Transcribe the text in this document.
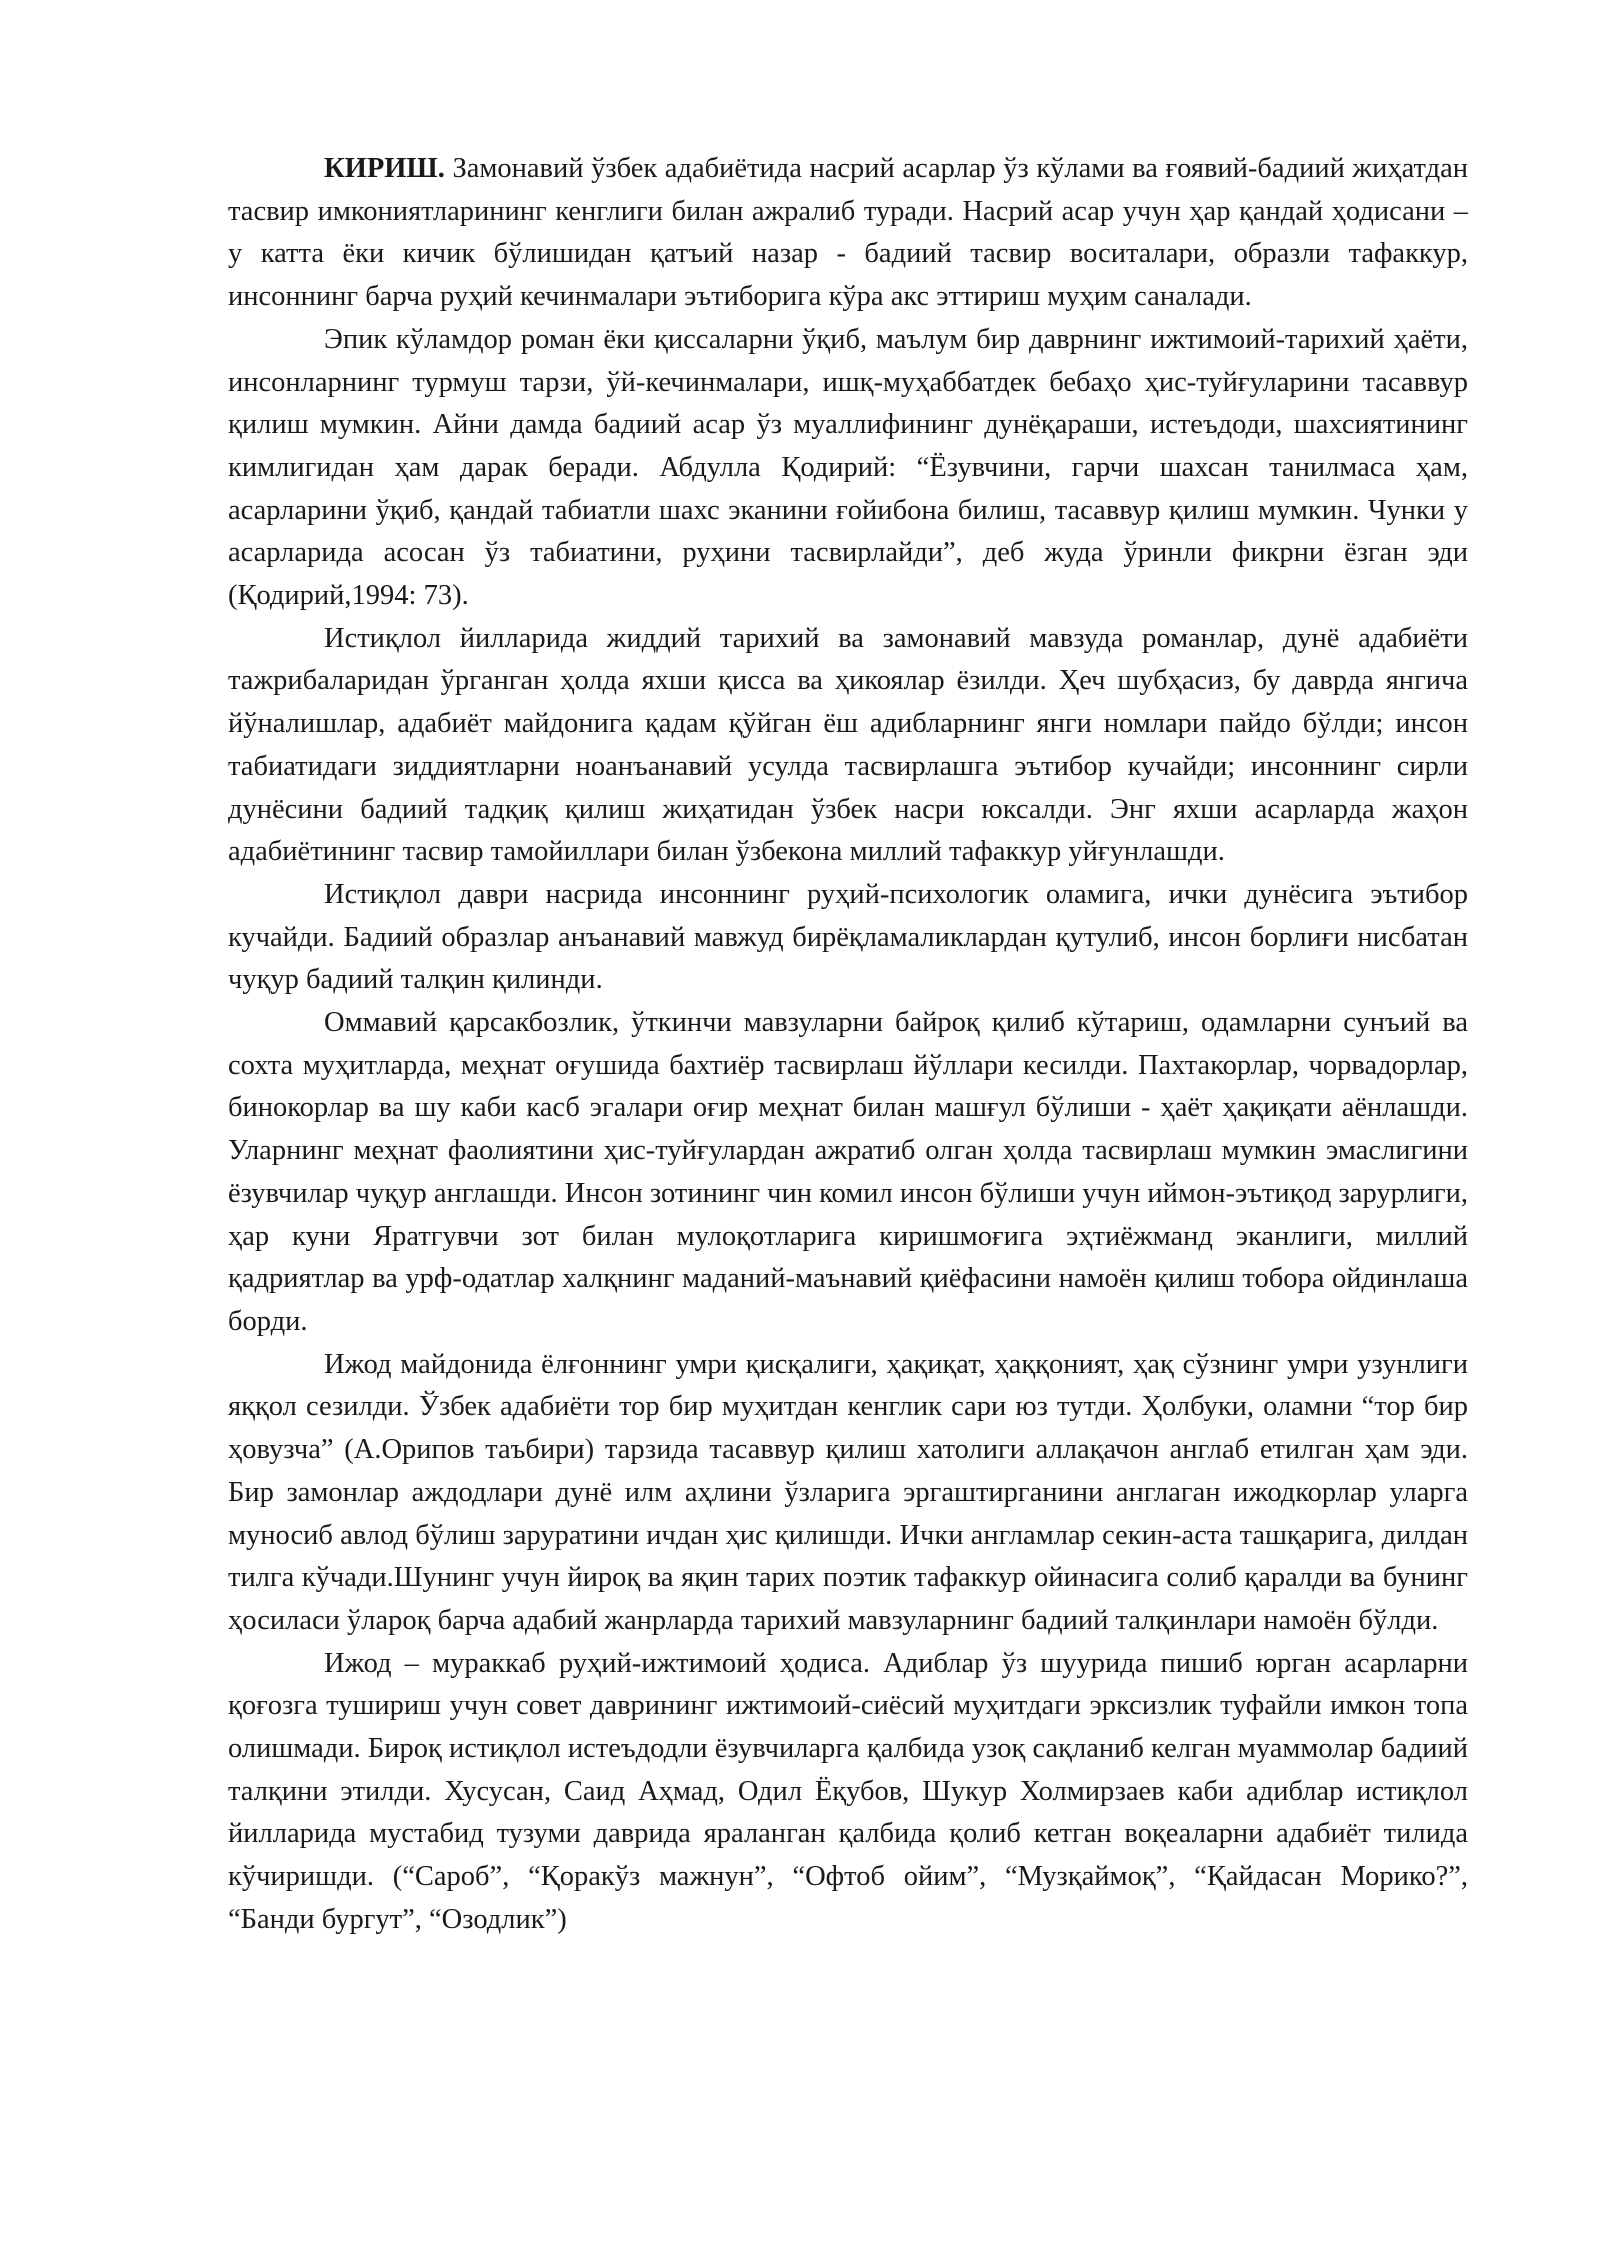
КИРИШ. Замонавий ўзбек адабиётида насрий асарлар ўз кўлами ва ғоявий-бадиий жиҳатдан тасвир имкониятларининг кенглиги билан ажралиб туради. Насрий асар учун ҳар қандай ҳодисани – у катта ёки кичик бўлишидан қатъий назар - бадиий тасвир воситалари, образли тафаккур, инсоннинг барча руҳий кечинмалари эътиборига кўра акс эттириш муҳим саналади.

Эпик кўламдор роман ёки қиссаларни ўқиб, маълум бир даврнинг ижтимоий-тарихий ҳаёти, инсонларнинг турмуш тарзи, ўй-кечинмалари, ишқ-муҳаббатдек бебаҳо ҳис-туйғуларини тасаввур қилиш мумкин. Айни дамда бадиий асар ўз муаллифининг дунёқараши, истеъдоди, шахсиятининг кимлигидан ҳам дарак беради. Абдулла Қодирий: “Ёзувчини, гарчи шахсан танилмаса ҳам, асарларини ўқиб, қандай табиатли шахс эканини ғойибона билиш, тасаввур қилиш мумкин. Чунки у асарларида асосан ўз табиатини, руҳини тасвирлайди”, деб жуда ўринли фикрни ёзган эди (Қодирий,1994: 73).

Истиқлол йилларида жиддий тарихий ва замонавий мавзуда романлар, дунё адабиёти тажрибаларидан ўрганган ҳолда яхши қисса ва ҳикоялар ёзилди. Ҳеч шубҳасиз, бу даврда янгича йўналишлар, адабиёт майдонига қадам қўйган ёш адибларнинг янги номлари пайдо бўлди; инсон табиатидаги зиддиятларни ноанъанавий усулда тасвирлашга эътибор кучайди; инсоннинг сирли дунёсини бадиий тадқиқ қилиш жиҳатидан ўзбек насри юксалди. Энг яхши асарларда жаҳон адабиётининг тасвир тамойиллари билан ўзбекона миллий тафаккур уйғунлашди.

Истиқлол даври насрида инсоннинг руҳий-психологик оламига, ички дунёсига эътибор кучайди. Бадиий образлар анъанавий мавжуд бирёқламаликлардан қутулиб, инсон борлиғи нисбатан чуқур бадиий талқин қилинди.

Оммавий қарсакбозлик, ўткинчи мавзуларни байроқ қилиб кўтариш, одамларни сунъий ва сохта муҳитларда, меҳнат оғушида бахтиёр тасвирлаш йўллари кесилди. Пахтакорлар, чорвадорлар, бинокорлар ва шу каби касб эгалари оғир меҳнат билан машғул бўлиши - ҳаёт ҳақиқати аёнлашди. Уларнинг меҳнат фаолиятини ҳис-туйғулардан ажратиб олган ҳолда тасвирлаш мумкин эмаслигини ёзувчилар чуқур англашди. Инсон зотининг чин комил инсон бўлиши учун иймон-эътиқод зарурлиги, ҳар куни Яратгувчи зот билан мулоқотларига киришмоғига эҳтиёжманд эканлиги, миллий қадриятлар ва урф-одатлар халқнинг маданий-маънавий қиёфасини намоён қилиш тобора ойдинлаша борди.

Ижод майдонида ёлғоннинг умри қисқалиги, ҳақиқат, ҳаққоният, ҳақ сўзнинг умри узунлиги яққол сезилди. Ўзбек адабиёти тор бир муҳитдан кенглик сари юз тутди. Ҳолбуки, оламни “тор бир ҳовузча” (А.Орипов таъбири) тарзида тасаввур қилиш хатолиги аллақачон англаб етилган ҳам эди. Бир замонлар аждодлари дунё илм аҳлини ўзларига эргаштирганини англаган ижодкорлар уларга муносиб авлод бўлиш заруратини ичдан ҳис қилишди. Ички англамлар секин-аста ташқарига, дилдан тилга кўчади.Шунинг учун йироқ ва яқин тарих поэтик тафаккур ойинасига солиб қаралди ва бунинг ҳосиласи ўлароқ барча адабий жанрларда тарихий мавзуларнинг бадиий талқинлари намоён бўлди.

Ижод – мураккаб руҳий-ижтимоий ҳодиса. Адиблар ўз шуурида пишиб юрган асарларни қоғозга тушириш учун совет даврининг ижтимоий-сиёсий муҳитдаги эрксизлик туфайли имкон топа олишмади. Бироқ истиқлол истеъдодли ёзувчиларга қалбида узоқ сақланиб келган муаммолар бадиий талқини этилди. Хусусан, Саид Аҳмад, Одил Ёқубов, Шукур Холмирзаев каби адиблар истиқлол йилларида мустабид тузуми даврида яраланган қалбида қолиб кетган воқеаларни адабиёт тилида кўчиришди. (“Сароб”, “Қоракўз мажнун”, “Офтоб ойим”, “Музқаймоқ”, “Қайдасан Морико?”, “Банди бургут”, “Озодлик”)
